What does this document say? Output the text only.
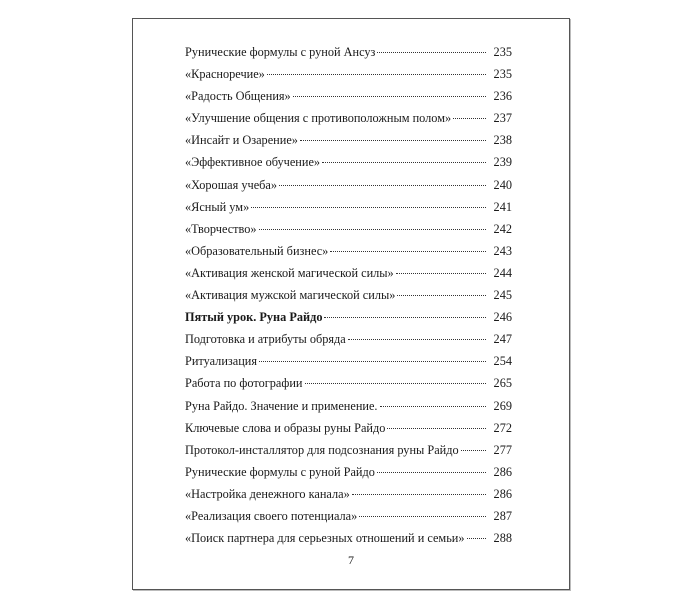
Рунические формулы с руной Ансуз	235
«Красноречие»	235
«Радость Общения»	236
«Улучшение общения с противоположным полом»	237
«Инсайт и Озарение»	238
«Эффективное обучение»	239
«Хорошая учеба»	240
«Ясный ум»	241
«Творчество»	242
«Образовательный бизнес»	243
«Активация женской магической силы»	244
«Активация мужской магической силы»	245
Пятый урок. Руна Райдо	246
Подготовка и атрибуты обряда	247
Ритуализация	254
Работа по фотографии	265
Руна Райдо. Значение и применение.	269
Ключевые слова и образы руны Райдо	272
Протокол-инсталлятор для подсознания руны Райдо	277
Рунические формулы с руной Райдо	286
«Настройка денежного канала»	286
«Реализация своего потенциала»	287
«Поиск партнера для серьезных отношений и семьи»	288
7
